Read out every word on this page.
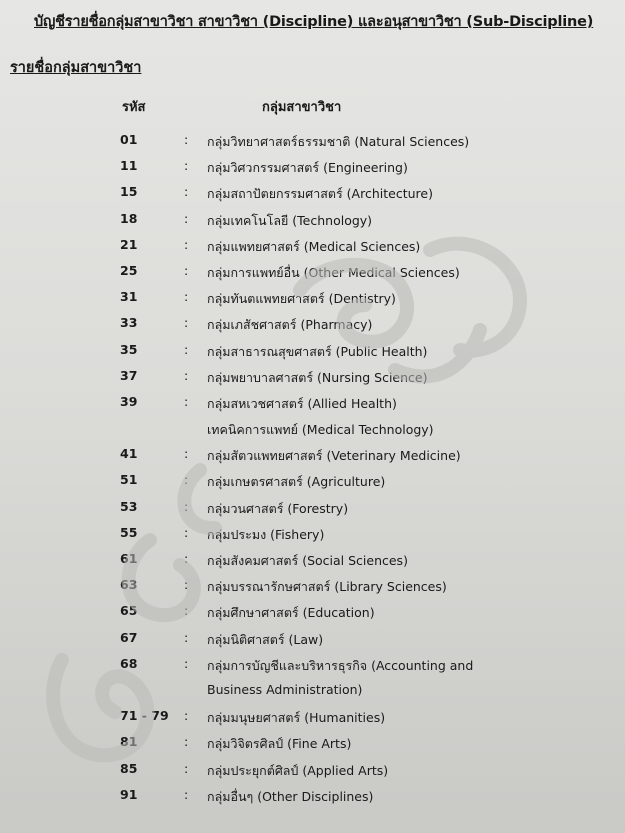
บัญชีรายชื่อกลุ่มสาขาวิชา สาขาวิชา (Discipline) และอนุสาขาวิชา (Sub-Discipline)
รายชื่อกลุ่มสาขาวิชา
รหัส	กลุ่มสาขาวิชา
01	: กลุ่มวิทยาศาสตร์ธรรมชาติ (Natural Sciences)
11	: กลุ่มวิศวกรรมศาสตร์ (Engineering)
15	: กลุ่มสถาปัตยกรรมศาสตร์ (Architecture)
18	: กลุ่มเทคโนโลยี (Technology)
21	: กลุ่มแพทยศาสตร์ (Medical Sciences)
25	: กลุ่มการแพทย์อื่น (Other Medical Sciences)
31	: กลุ่มทันตแพทยศาสตร์ (Dentistry)
33	: กลุ่มเภสัชศาสตร์ (Pharmacy)
35	: กลุ่มสาธารณสุขศาสตร์ (Public Health)
37	: กลุ่มพยาบาลศาสตร์ (Nursing Science)
39	: กลุ่มสหเวชศาสตร์ (Allied Health)
เทคนิคการแพทย์ (Medical Technology)
41	: กลุ่มสัตวแพทยศาสตร์ (Veterinary Medicine)
51	: กลุ่มเกษตรศาสตร์ (Agriculture)
53	: กลุ่มวนศาสตร์ (Forestry)
55	: กลุ่มประมง (Fishery)
61	: กลุ่มสังคมศาสตร์ (Social Sciences)
63	: กลุ่มบรรณารักษศาสตร์ (Library Sciences)
65	: กลุ่มศึกษาศาสตร์ (Education)
67	: กลุ่มนิติศาสตร์ (Law)
68	: กลุ่มการบัญชีและบริหารธุรกิจ (Accounting and
Business Administration)
71 - 79 : กลุ่มมนุษยศาสตร์ (Humanities)
81	: กลุ่มวิจิตรศิลป์ (Fine Arts)
85	: กลุ่มประยุกต์ศิลป์ (Applied Arts)
91	: กลุ่มอื่นๆ (Other Disciplines)
